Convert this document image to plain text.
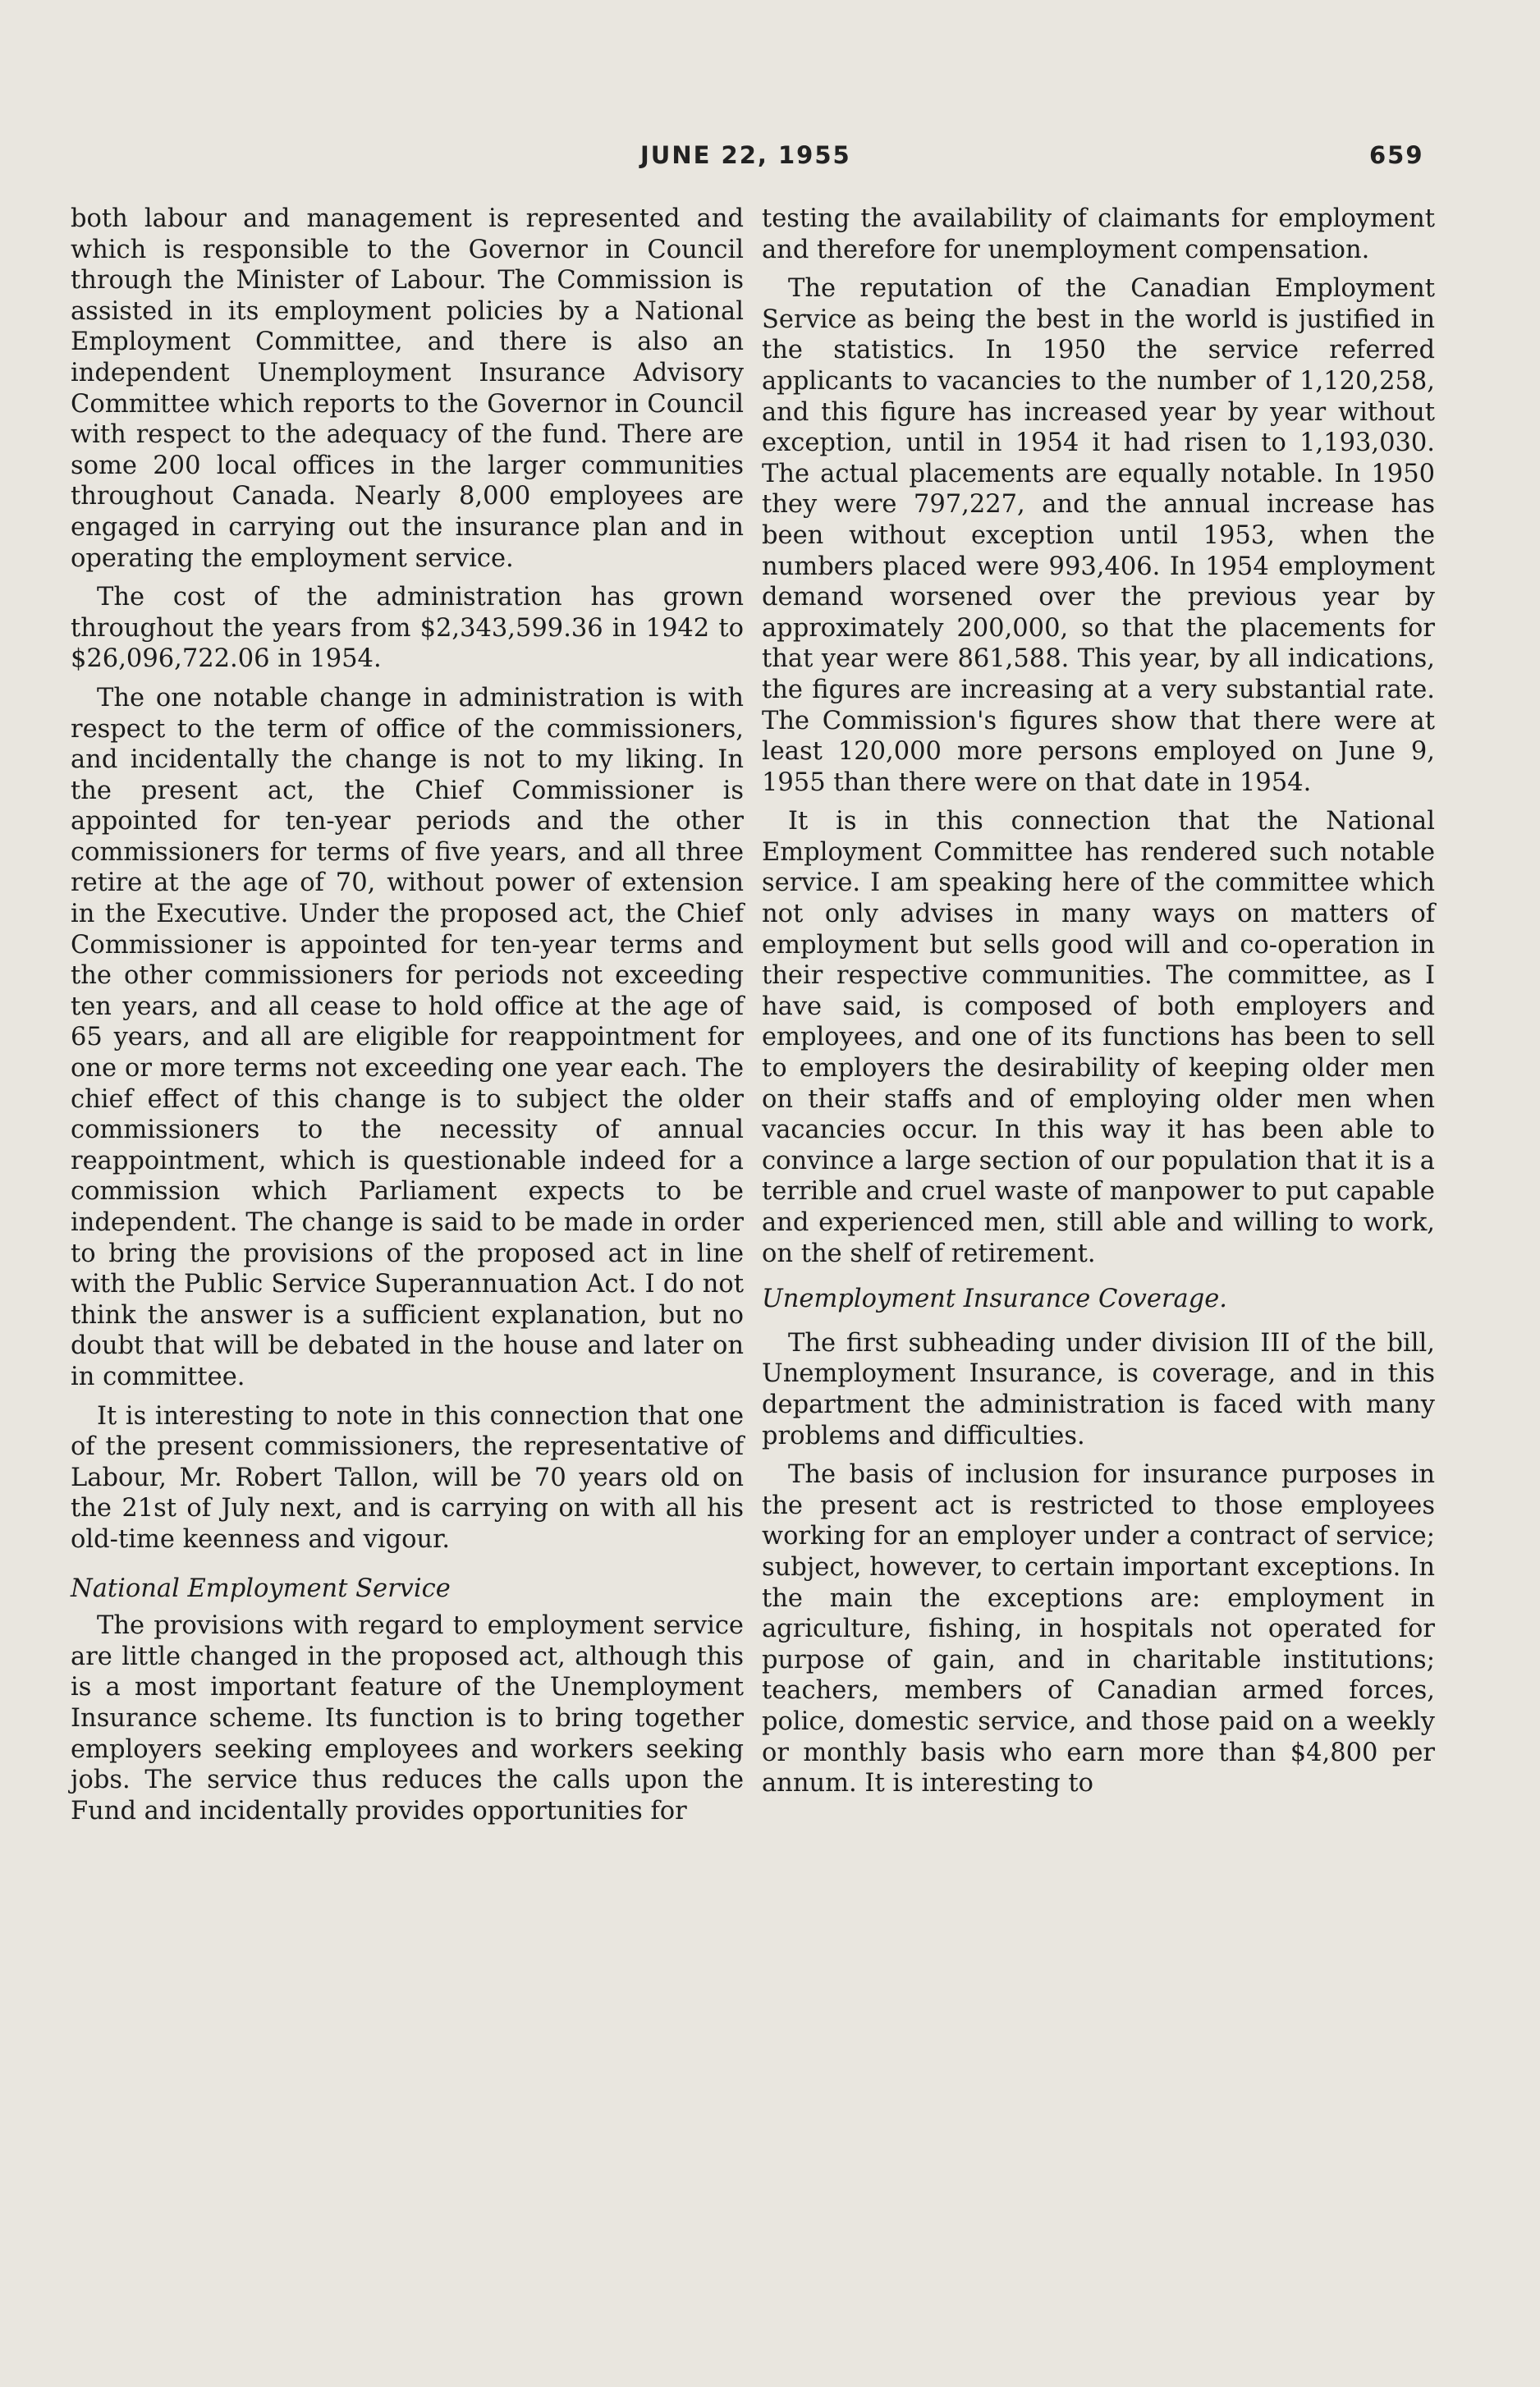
JUNE 22, 1955	659

both labour and management is represented and which is responsible to the Governor in Council through the Minister of Labour. The Commission is assisted in its employment policies by a National Employment Committee, and there is also an independent Unemployment Insurance Advisory Committee which reports to the Governor in Council with respect to the adequacy of the fund. There are some 200 local offices in the larger communities throughout Canada. Nearly 8,000 employees are engaged in carrying out the insurance plan and in operating the employment service.

The cost of the administration has grown throughout the years from $2,343,599.36 in 1942 to $26,096,722.06 in 1954.

The one notable change in administration is with respect to the term of office of the commissioners, and incidentally the change is not to my liking. In the present act, the Chief Commissioner is appointed for ten-year periods and the other commissioners for terms of five years, and all three retire at the age of 70, without power of extension in the Executive. Under the proposed act, the Chief Commissioner is appointed for ten-year terms and the other commissioners for periods not exceeding ten years, and all cease to hold office at the age of 65 years, and all are eligible for reappointment for one or more terms not exceeding one year each. The chief effect of this change is to subject the older commissioners to the necessity of annual reappointment, which is questionable indeed for a commission which Parliament expects to be independent. The change is said to be made in order to bring the provisions of the proposed act in line with the Public Service Superannuation Act. I do not think the answer is a sufficient explanation, but no doubt that will be debated in the house and later on in committee.

It is interesting to note in this connection that one of the present commissioners, the representative of Labour, Mr. Robert Tallon, will be 70 years old on the 21st of July next, and is carrying on with all his old-time keenness and vigour.

National Employment Service

The provisions with regard to employment service are little changed in the proposed act, although this is a most important feature of the Unemployment Insurance scheme. Its function is to bring together employers seeking employees and workers seeking jobs. The service thus reduces the calls upon the Fund and incidentally provides opportunities for

testing the availability of claimants for employment and therefore for unemployment compensation.

The reputation of the Canadian Employment Service as being the best in the world is justified in the statistics. In 1950 the service referred applicants to vacancies to the number of 1,120,258, and this figure has increased year by year without exception, until in 1954 it had risen to 1,193,030. The actual placements are equally notable. In 1950 they were 797,227, and the annual increase has been without exception until 1953, when the numbers placed were 993,406. In 1954 employment demand worsened over the previous year by approximately 200,000, so that the placements for that year were 861,588. This year, by all indications, the figures are increasing at a very substantial rate. The Commission's figures show that there were at least 120,000 more persons employed on June 9, 1955 than there were on that date in 1954.

It is in this connection that the National Employment Committee has rendered such notable service. I am speaking here of the committee which not only advises in many ways on matters of employment but sells good will and co-operation in their respective communities. The committee, as I have said, is composed of both employers and employees, and one of its functions has been to sell to employers the desirability of keeping older men on their staffs and of employing older men when vacancies occur. In this way it has been able to convince a large section of our population that it is a terrible and cruel waste of manpower to put capable and experienced men, still able and willing to work, on the shelf of retirement.

Unemployment Insurance Coverage.

The first subheading under division III of the bill, Unemployment Insurance, is coverage, and in this department the administration is faced with many problems and difficulties.

The basis of inclusion for insurance purposes in the present act is restricted to those employees working for an employer under a contract of service; subject, however, to certain important exceptions. In the main the exceptions are: employment in agriculture, fishing, in hospitals not operated for purpose of gain, and in charitable institutions; teachers, members of Canadian armed forces, police, domestic service, and those paid on a weekly or monthly basis who earn more than $4,800 per annum. It is interesting to
